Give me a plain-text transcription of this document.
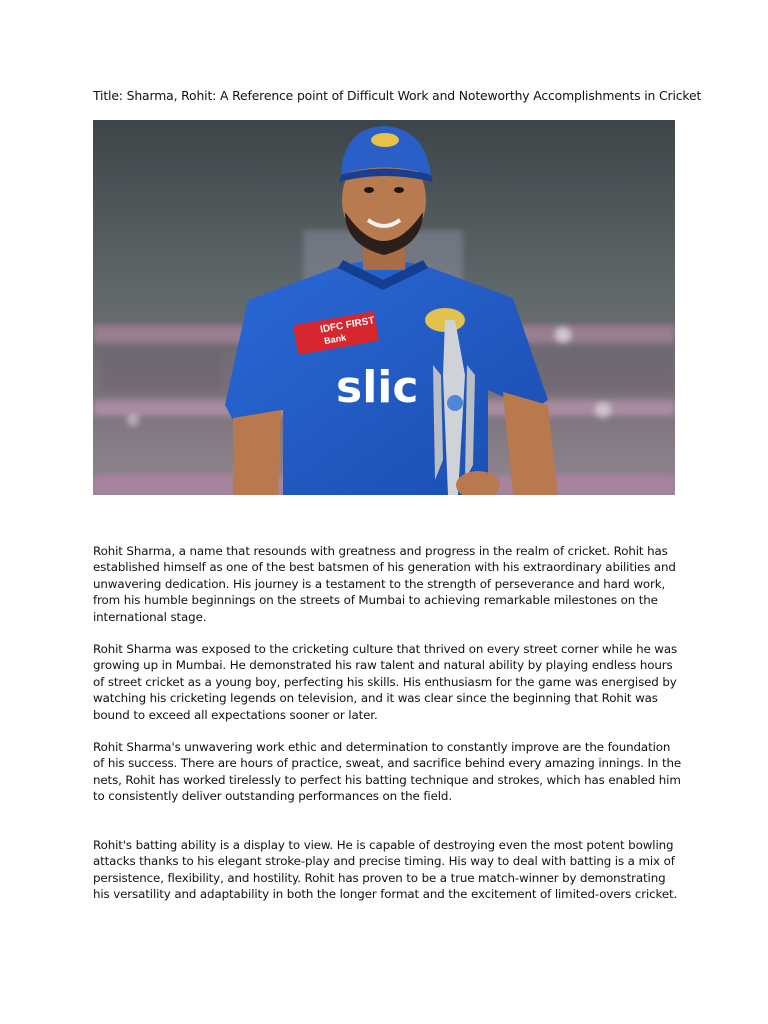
Title: Sharma, Rohit: A Reference point of Difficult Work and Noteworthy Accomplishments in Cricket
IDFC FIRST
Bank
slic

Rohit Sharma, a name that resounds with greatness and progress in the realm of cricket. Rohit has established himself as one of the best batsmen of his generation with his extraordinary abilities and unwavering dedication. His journey is a testament to the strength of perseverance and hard work, from his humble beginnings on the streets of Mumbai to achieving remarkable milestones on the international stage.

Rohit Sharma was exposed to the cricketing culture that thrived on every street corner while he was growing up in Mumbai. He demonstrated his raw talent and natural ability by playing endless hours of street cricket as a young boy, perfecting his skills. His enthusiasm for the game was energised by watching his cricketing legends on television, and it was clear since the beginning that Rohit was bound to exceed all expectations sooner or later.

Rohit Sharma's unwavering work ethic and determination to constantly improve are the foundation of his success. There are hours of practice, sweat, and sacrifice behind every amazing innings. In the nets, Rohit has worked tirelessly to perfect his batting technique and strokes, which has enabled him to consistently deliver outstanding performances on the field.

Rohit's batting ability is a display to view. He is capable of destroying even the most potent bowling attacks thanks to his elegant stroke-play and precise timing. His way to deal with batting is a mix of persistence, flexibility, and hostility. Rohit has proven to be a true match-winner by demonstrating his versatility and adaptability in both the longer format and the excitement of limited-overs cricket.
